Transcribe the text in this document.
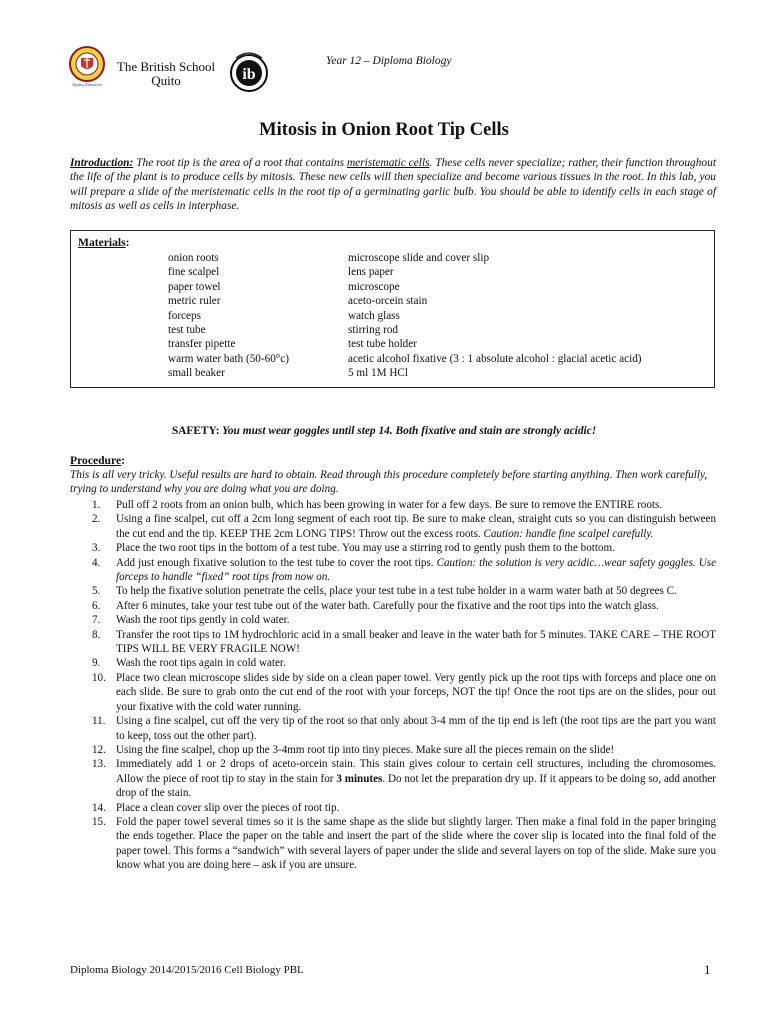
Quality Education
The British School Quito	ib
Year 12 – Diploma Biology
Mitosis in Onion Root Tip Cells
Introduction: The root tip is the area of a root that contains meristematic cells. These cells never specialize; rather, their function throughout the life of the plant is to produce cells by mitosis. These new cells will then specialize and become various tissues in the root. In this lab, you will prepare a slide of the meristematic cells in the root tip of a germinating garlic bulb. You should be able to identify cells in each stage of mitosis as well as cells in interphase.
Materials:
onion roots
fine scalpel
paper towel
metric ruler
forceps
test tube
transfer pipette
warm water bath (50-60°c)
small beaker
microscope slide and cover slip
lens paper
microscope
aceto-orcein stain
watch glass
stirring rod
test tube holder
acetic alcohol fixative (3 : 1 absolute alcohol : glacial acetic acid)
5 ml 1M HCl
SAFETY: You must wear goggles until step 14. Both fixative and stain are strongly acidic!
Procedure:
This is all very tricky. Useful results are hard to obtain. Read through this procedure completely before starting anything. Then work carefully, trying to understand why you are doing what you are doing.
1. Pull off 2 roots from an onion bulb, which has been growing in water for a few days. Be sure to remove the ENTIRE roots.
2. Using a fine scalpel, cut off a 2cm long segment of each root tip. Be sure to make clean, straight cuts so you can distinguish between the cut end and the tip. KEEP THE 2cm LONG TIPS! Throw out the excess roots. Caution: handle fine scalpel carefully.
3. Place the two root tips in the bottom of a test tube. You may use a stirring rod to gently push them to the bottom.
4. Add just enough fixative solution to the test tube to cover the root tips. Caution: the solution is very acidic…wear safety goggles. Use forceps to handle “fixed” root tips from now on.
5. To help the fixative solution penetrate the cells, place your test tube in a test tube holder in a warm water bath at 50 degrees C.
6. After 6 minutes, take your test tube out of the water bath. Carefully pour the fixative and the root tips into the watch glass.
7. Wash the root tips gently in cold water.
8. Transfer the root tips to 1M hydrochloric acid in a small beaker and leave in the water bath for 5 minutes. TAKE CARE – THE ROOT TIPS WILL BE VERY FRAGILE NOW!
9. Wash the root tips again in cold water.
10. Place two clean microscope slides side by side on a clean paper towel. Very gently pick up the root tips with forceps and place one on each slide. Be sure to grab onto the cut end of the root with your forceps, NOT the tip! Once the root tips are on the slides, pour out your fixative with the cold water running.
11. Using a fine scalpel, cut off the very tip of the root so that only about 3-4 mm of the tip end is left (the root tips are the part you want to keep, toss out the other part).
12. Using the fine scalpel, chop up the 3-4mm root tip into tiny pieces. Make sure all the pieces remain on the slide!
13. Immediately add 1 or 2 drops of aceto-orcein stain. This stain gives colour to certain cell structures, including the chromosomes. Allow the piece of root tip to stay in the stain for 3 minutes. Do not let the preparation dry up. If it appears to be doing so, add another drop of the stain.
14. Place a clean cover slip over the pieces of root tip.
15. Fold the paper towel several times so it is the same shape as the slide but slightly larger. Then make a final fold in the paper bringing the ends together. Place the paper on the table and insert the part of the slide where the cover slip is located into the final fold of the paper towel. This forms a “sandwich” with several layers of paper under the slide and several layers on top of the slide. Make sure you know what you are doing here – ask if you are unsure.
Diploma Biology 2014/2015/2016 Cell Biology PBL	1
